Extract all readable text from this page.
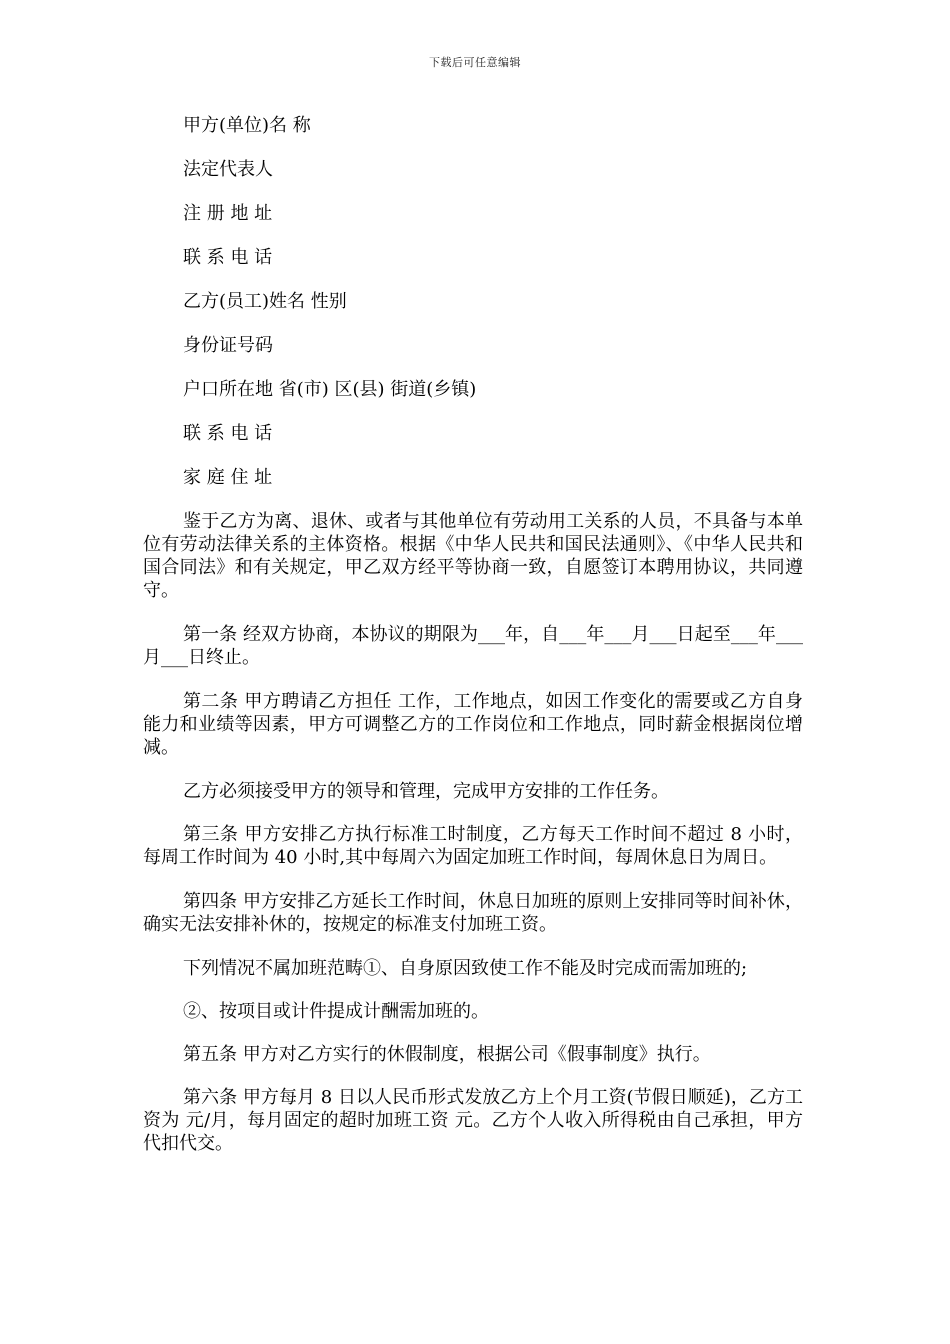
下载后可任意编辑
甲方(单位)名 称
法定代表人
注 册 地 址
联 系 电 话
乙方(员工)姓名 性别
身份证号码
户口所在地 省(市) 区(县) 街道(乡镇)
联 系 电 话
家 庭 住 址

鉴于乙方为离、退休、或者与其他单位有劳动用工关系的人员，不具备与本单位有劳动法律关系的主体资格。根据《中华人民共和国民法通则》、《中华人民共和国合同法》和有关规定，甲乙双方经平等协商一致，自愿签订本聘用协议，共同遵守。

第一条 经双方协商，本协议的期限为___年，自___年___月___日起至___年___月___日终止。

第二条 甲方聘请乙方担任 工作，工作地点，如因工作变化的需要或乙方自身能力和业绩等因素，甲方可调整乙方的工作岗位和工作地点，同时薪金根据岗位增减。

乙方必须接受甲方的领导和管理，完成甲方安排的工作任务。

第三条 甲方安排乙方执行标准工时制度，乙方每天工作时间不超过 8 小时，每周工作时间为 40 小时,其中每周六为固定加班工作时间，每周休息日为周日。

第四条 甲方安排乙方延长工作时间，休息日加班的原则上安排同等时间补休，确实无法安排补休的，按规定的标准支付加班工资。

下列情况不属加班范畴①、自身原因致使工作不能及时完成而需加班的;

②、按项目或计件提成计酬需加班的。

第五条 甲方对乙方实行的休假制度，根据公司《假事制度》执行。

第六条 甲方每月 8 日以人民币形式发放乙方上个月工资(节假日顺延)，乙方工资为 元/月，每月固定的超时加班工资 元。乙方个人收入所得税由自己承担，甲方代扣代交。
